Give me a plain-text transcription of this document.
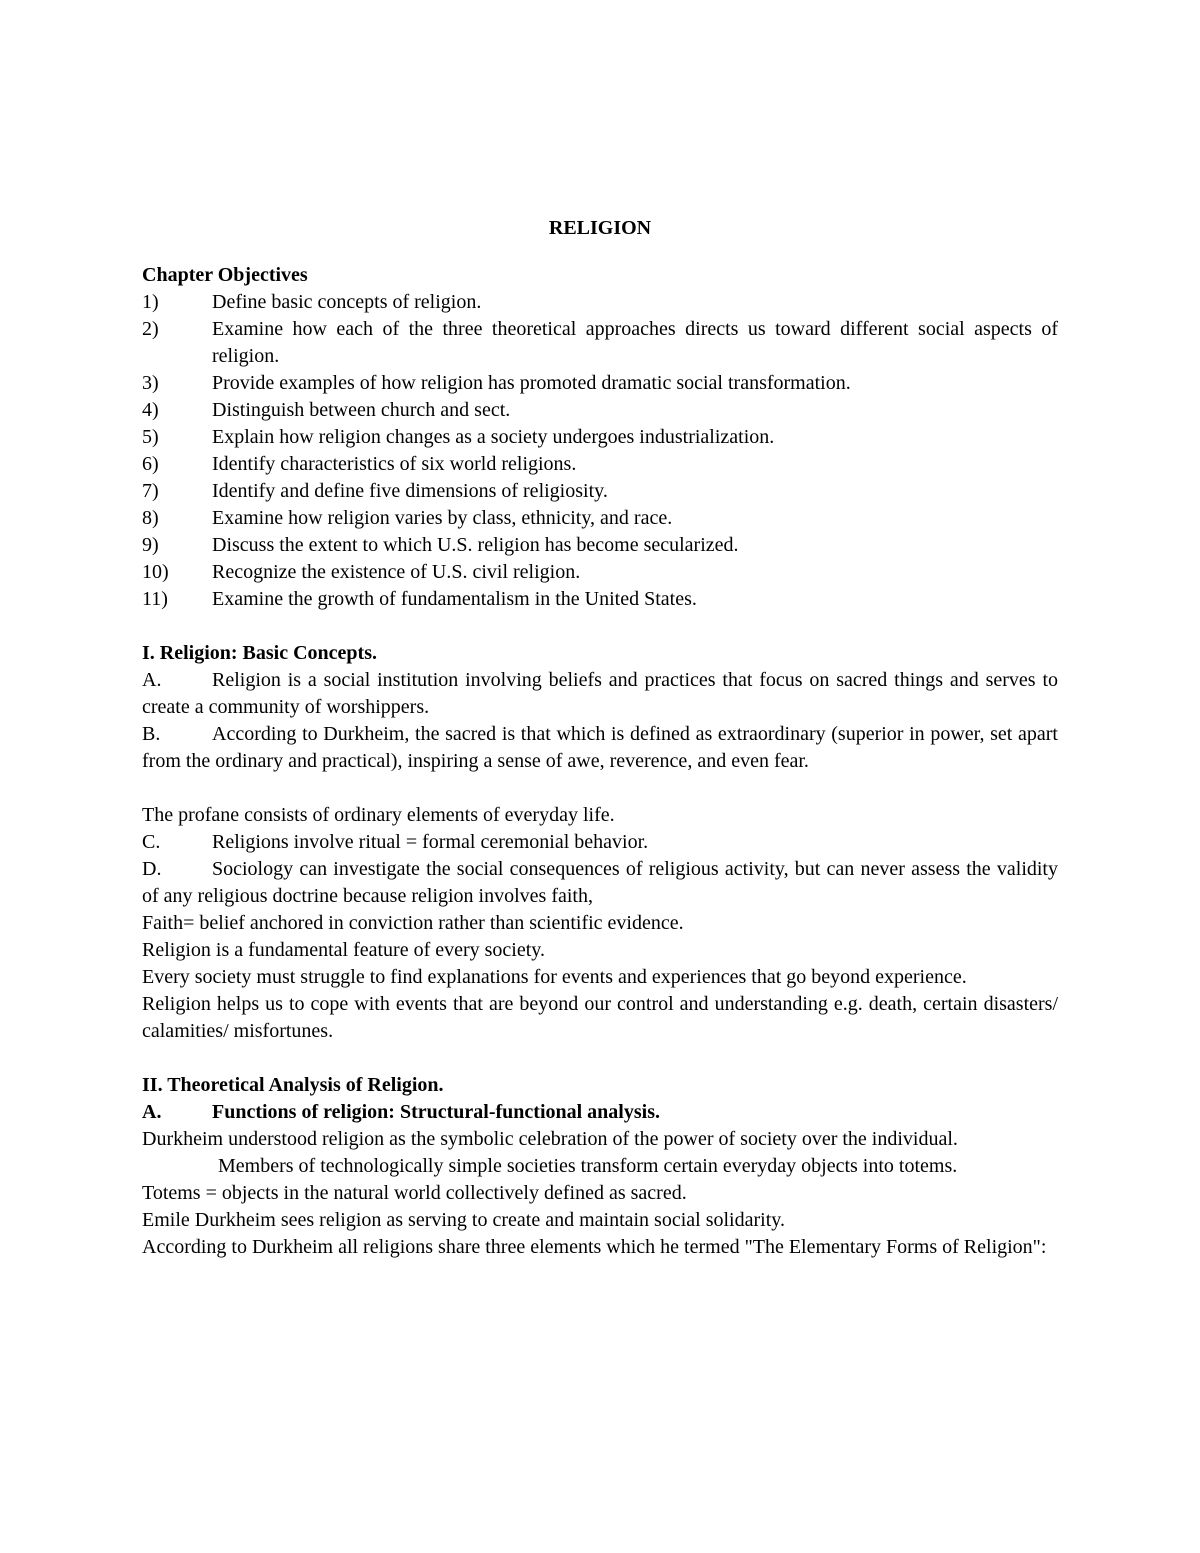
RELIGION

Chapter Objectives

1)	Define basic concepts of religion.
2)	Examine how each of the three theoretical approaches directs us toward different social aspects of religion.
3)	Provide examples of how religion has promoted dramatic social transformation.
4)	Distinguish between church and sect.
5)	Explain how religion changes as a society undergoes industrialization.
6)	Identify characteristics of six world religions.
7)	Identify and define five dimensions of religiosity.
8)	Examine how religion varies by class, ethnicity, and race.
9)	Discuss the extent to which U.S. religion has become secularized.
10)	Recognize the existence of U.S. civil religion.
11)	Examine the growth of fundamentalism in the United States.

I. Religion: Basic Concepts.

A.	Religion is a social institution involving beliefs and practices that focus on sacred things and serves to create a community of worshippers.

B.	According to Durkheim, the sacred is that which is defined as extraordinary (superior in power, set apart from the ordinary and practical), inspiring a sense of awe, reverence, and even fear.

The profane consists of ordinary elements of everyday life.

C.	Religions involve ritual = formal ceremonial behavior.

D.	Sociology can investigate the social consequences of religious activity, but can never assess the validity of any religious doctrine because religion involves faith,

Faith= belief anchored in conviction rather than scientific evidence.

Religion is a fundamental feature of every society.

Every society must struggle to find explanations for events and experiences that go beyond experience.

Religion helps us to cope with events that are beyond our control and understanding e.g. death, certain disasters/ calamities/ misfortunes.

II. Theoretical Analysis of Religion.

A.	Functions of religion: Structural-functional analysis.

Durkheim understood religion as the symbolic celebration of the power of society over the individual.

Members of technologically simple societies transform certain everyday objects into totems.

Totems = objects in the natural world collectively defined as sacred.

Emile Durkheim sees religion as serving to create and maintain social solidarity.

According to Durkheim all religions share three elements which he termed "The Elementary Forms of Religion":
